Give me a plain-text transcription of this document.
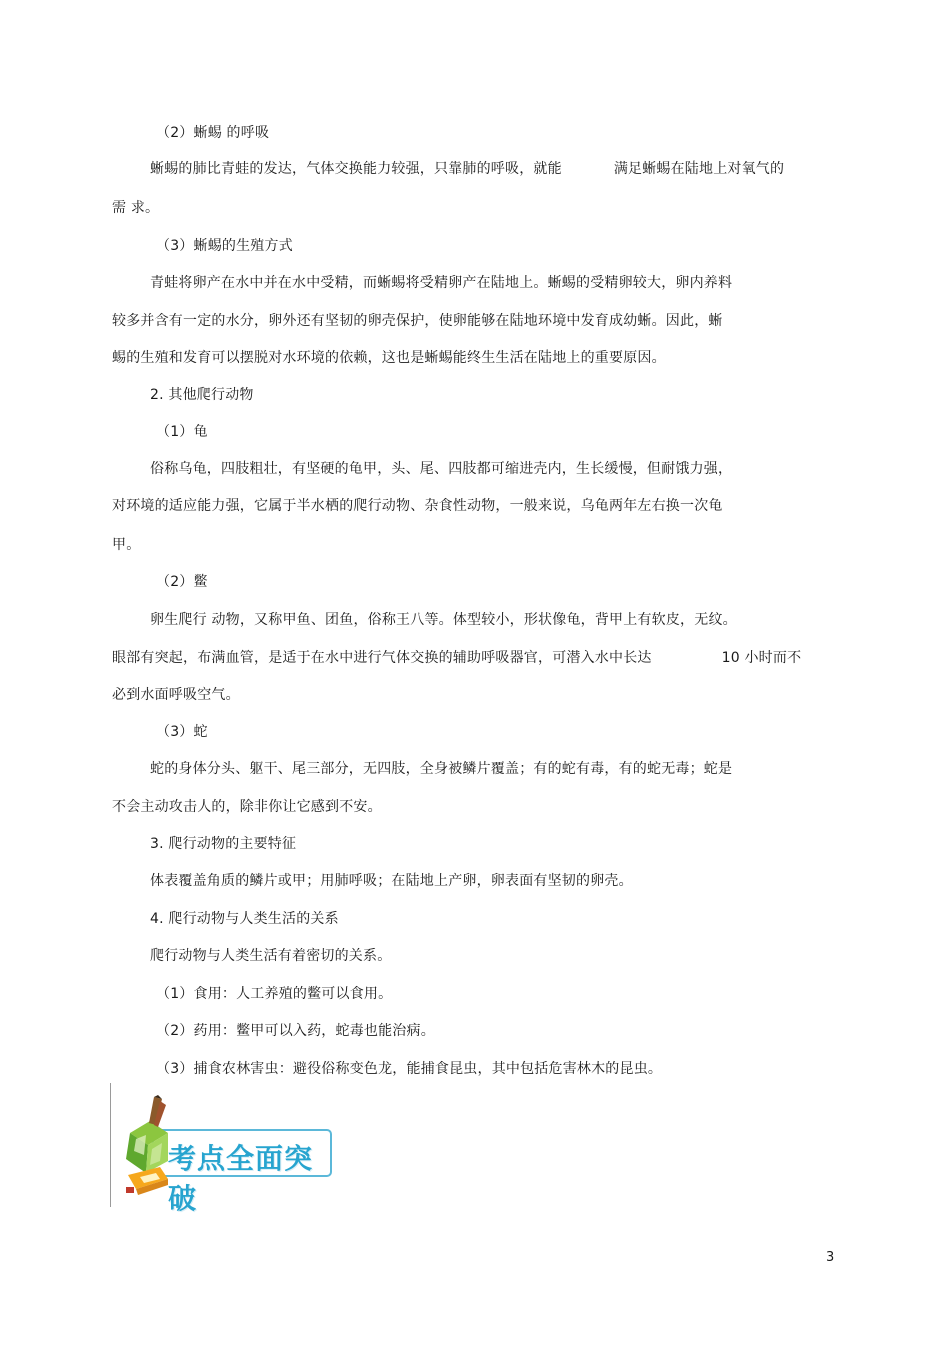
（2）蜥蜴 的呼吸
蜥蜴的肺比青蛙的发达，气体交换能力较强，只靠肺的呼吸，就能	满足蜥蜴在陆地上对氧气的
需 求。
（3）蜥蜴的生殖方式
青蛙将卵产在水中并在水中受精，而蜥蜴将受精卵产在陆地上。蜥蜴的受精卵较大，卵内养料
较多并含有一定的水分，卵外还有坚韧的卵壳保护，使卵能够在陆地环境中发育成幼蜥。因此，蜥
蜴的生殖和发育可以摆脱对水环境的依赖，这也是蜥蜴能终生生活在陆地上的重要原因。
2. 其他爬行动物
（1）龟
俗称乌龟，四肢粗壮，有坚硬的龟甲，头、尾、四肢都可缩进壳内，生长缓慢，但耐饿力强，
对环境的适应能力强，它属于半水栖的爬行动物、杂食性动物，一般来说，乌龟两年左右换一次龟
甲。
（2）鳖
卵生爬行 动物，又称甲鱼、团鱼，俗称王八等。体型较小，形状像龟，背甲上有软皮，无纹。
眼部有突起，布满血管，是适于在水中进行气体交换的辅助呼吸器官，可潜入水中长达	10 小时而不
必到水面呼吸空气。
（3）蛇
蛇的身体分头、躯干、尾三部分，无四肢，全身被鳞片覆盖；有的蛇有毒，有的蛇无毒；蛇是
不会主动攻击人的，除非你让它感到不安。
3. 爬行动物的主要特征
体表覆盖角质的鳞片或甲；用肺呼吸；在陆地上产卵，卵表面有坚韧的卵壳。
4. 爬行动物与人类生活的关系
爬行动物与人类生活有着密切的关系。
（1）食用：人工养殖的鳖可以食用。
（2）药用：鳖甲可以入药，蛇毒也能治病。
（3）捕食农林害虫：避役俗称变色龙，能捕食昆虫，其中包括危害林木的昆虫。
考点全面突破
3
